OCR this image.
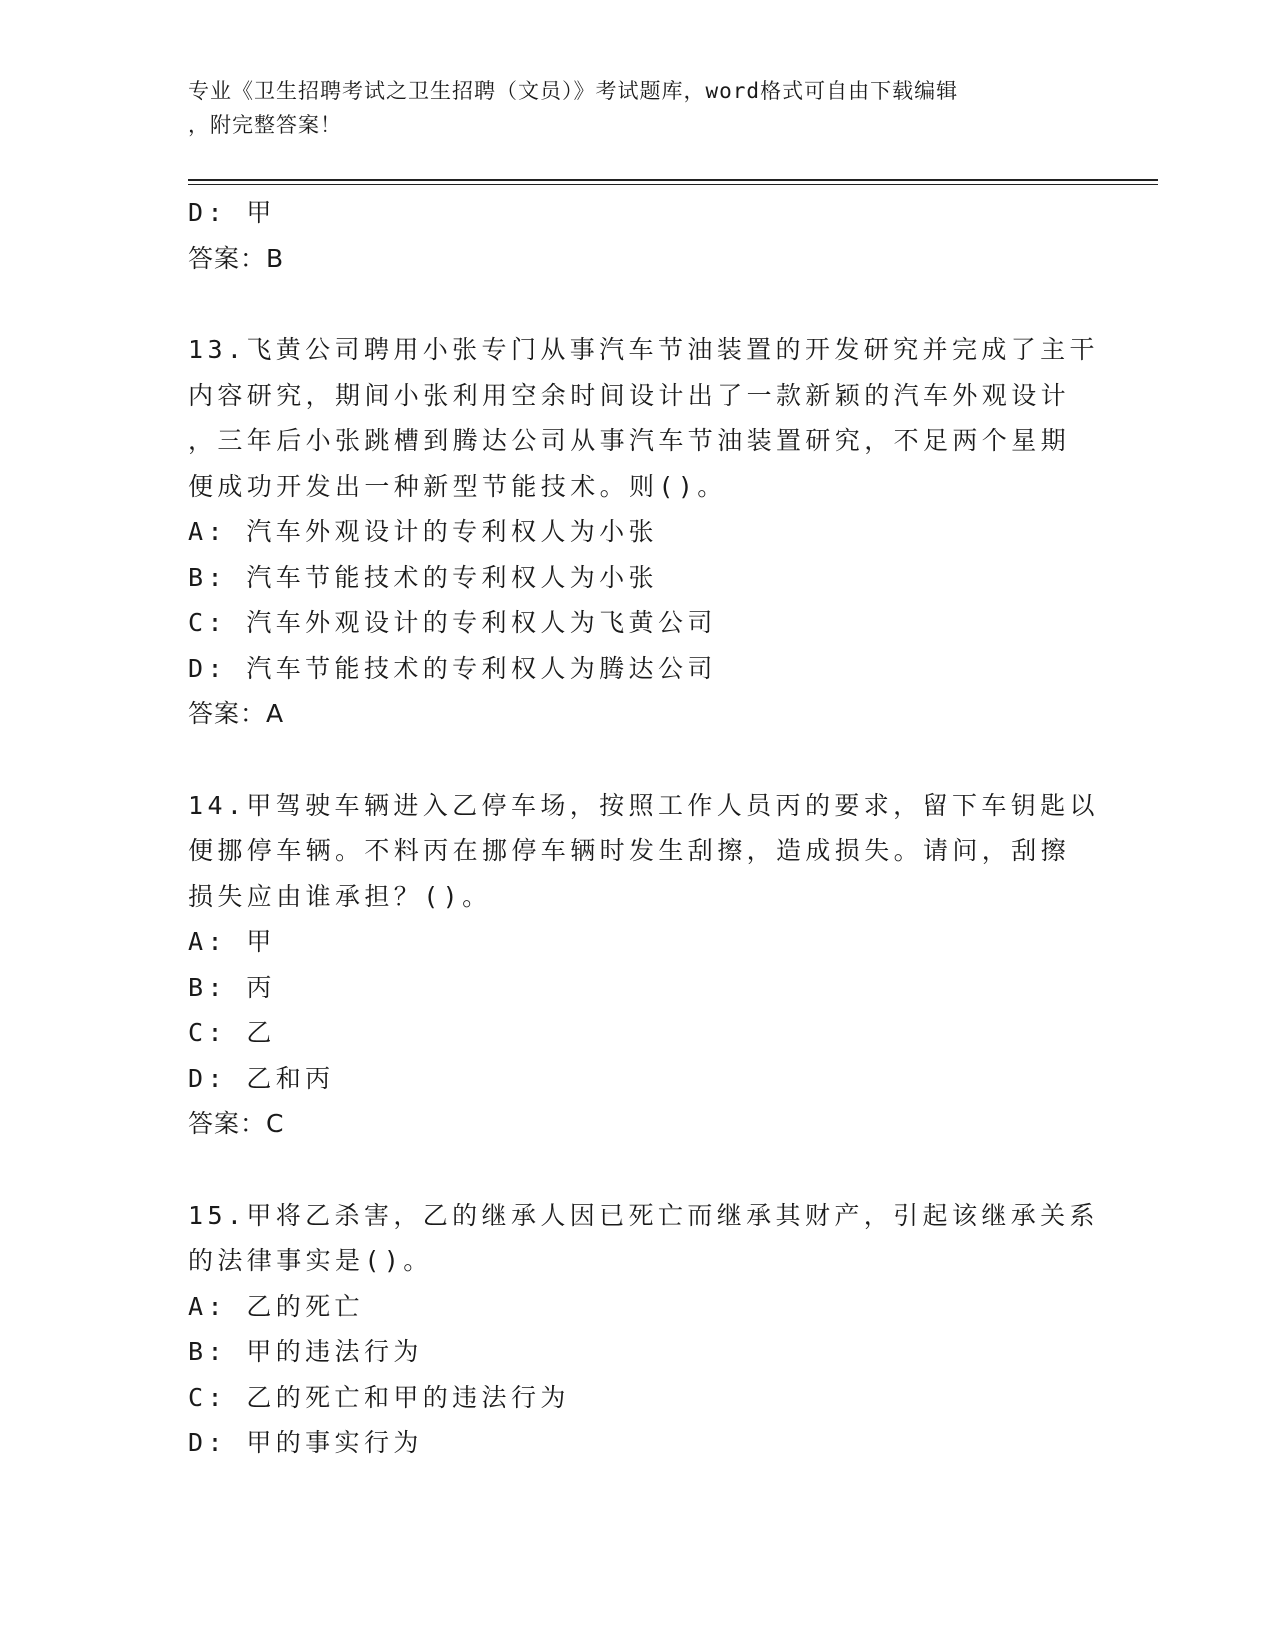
专业《卫生招聘考试之卫生招聘（文员）》考试题库，word格式可自由下载编辑
，附完整答案！
D: 甲
答案：B
13.飞黄公司聘用小张专门从事汽车节油装置的开发研究并完成了主干
内容研究，期间小张利用空余时间设计出了一款新颖的汽车外观设计
，三年后小张跳槽到腾达公司从事汽车节油装置研究，不足两个星期
便成功开发出一种新型节能技术。则()。
A: 汽车外观设计的专利权人为小张
B: 汽车节能技术的专利权人为小张
C: 汽车外观设计的专利权人为飞黄公司
D: 汽车节能技术的专利权人为腾达公司
答案：A
14.甲驾驶车辆进入乙停车场，按照工作人员丙的要求，留下车钥匙以
便挪停车辆。不料丙在挪停车辆时发生刮擦，造成损失。请问，刮擦
损失应由谁承担？()。
A: 甲
B: 丙
C: 乙
D: 乙和丙
答案：C
15.甲将乙杀害，乙的继承人因已死亡而继承其财产，引起该继承关系
的法律事实是()。
A: 乙的死亡
B: 甲的违法行为
C: 乙的死亡和甲的违法行为
D: 甲的事实行为
